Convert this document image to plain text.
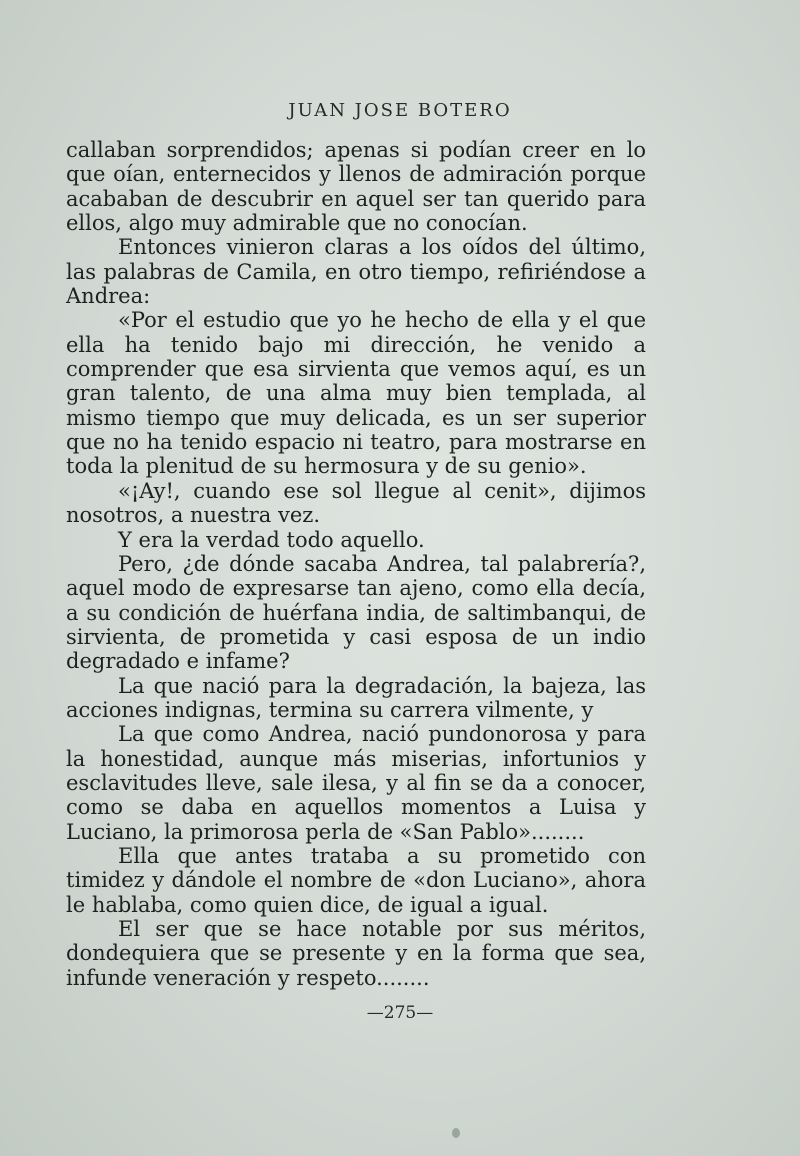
JUAN JOSE BOTERO

callaban sorprendidos; apenas si podían creer en lo que oían, enternecidos y llenos de admiración porque acababan de descubrir en aquel ser tan querido para ellos, algo muy admirable que no conocían.

Entonces vinieron claras a los oídos del último, las palabras de Camila, en otro tiempo, refiriéndose a Andrea:

«Por el estudio que yo he hecho de ella y el que ella ha tenido bajo mi dirección, he venido a comprender que esa sirvienta que vemos aquí, es un gran talento, de una alma muy bien templada, al mismo tiempo que muy delicada, es un ser superior que no ha tenido espacio ni teatro, para mostrarse en toda la plenitud de su hermosura y de su genio».

«¡Ay!, cuando ese sol llegue al cenit», dijimos nosotros, a nuestra vez.

Y era la verdad todo aquello.

Pero, ¿de dónde sacaba Andrea, tal palabrería?, aquel modo de expresarse tan ajeno, como ella decía, a su condición de huérfana india, de saltimbanqui, de sirvienta, de prometida y casi esposa de un indio degradado e infame?

La que nació para la degradación, la bajeza, las acciones indignas, termina su carrera vilmente, y

La que como Andrea, nació pundonorosa y para la honestidad, aunque más miserias, infortunios y esclavitudes lleve, sale ilesa, y al fin se da a conocer, como se daba en aquellos momentos a Luisa y Luciano, la primorosa perla de «San Pablo»........

Ella que antes trataba a su prometido con timidez y dándole el nombre de «don Luciano», ahora le hablaba, como quien dice, de igual a igual.

El ser que se hace notable por sus méritos, dondequiera que se presente y en la forma que sea, infunde veneración y respeto........

—275—
